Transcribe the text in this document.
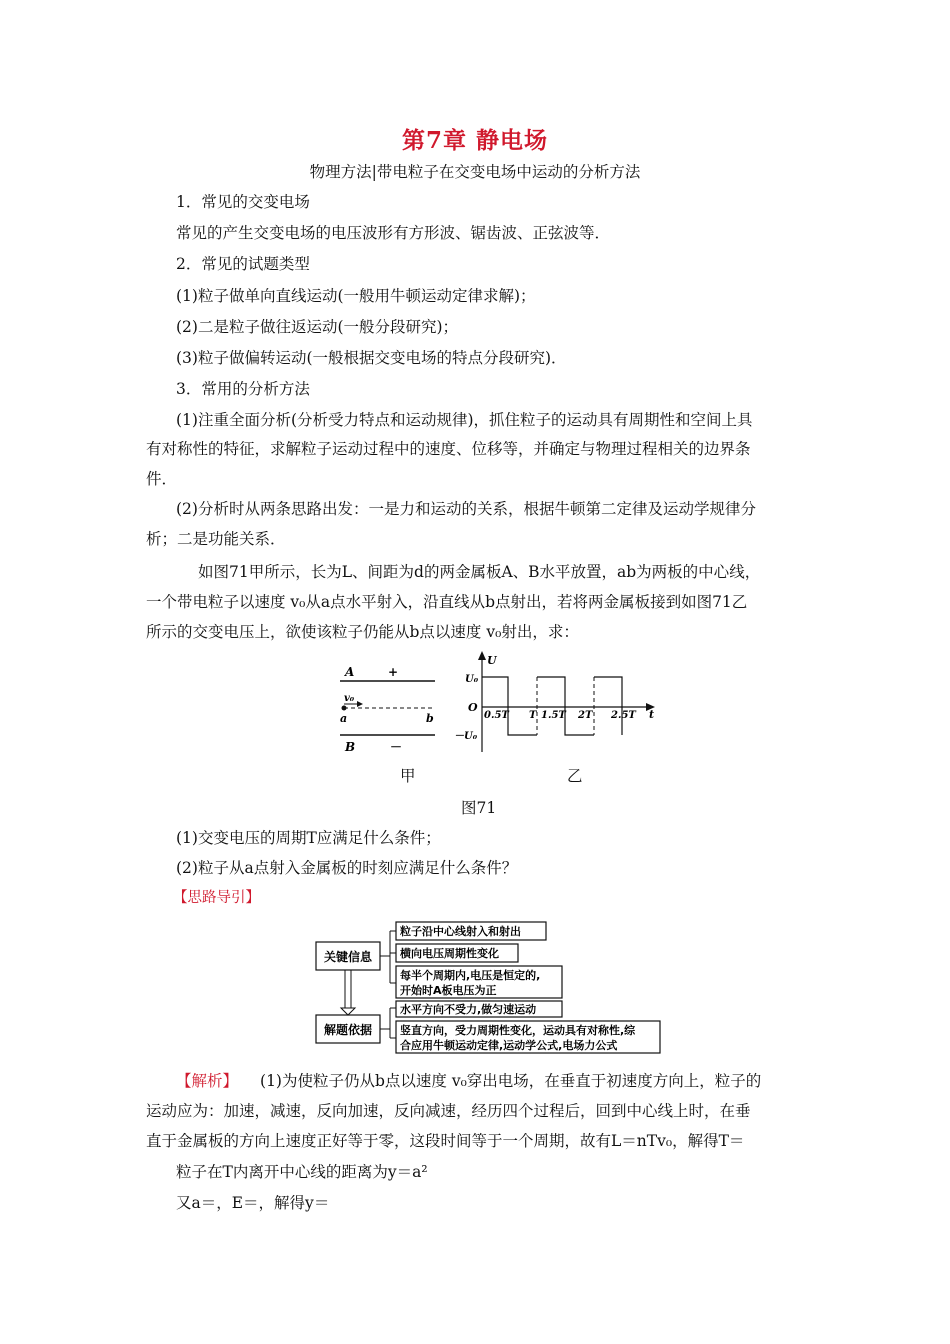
第7章 静电场
物理方法|带电粒子在交变电场中运动的分析方法
1．常见的交变电场
常见的产生交变电场的电压波形有方形波、锯齿波、正弦波等．
2．常见的试题类型
(1)粒子做单向直线运动(一般用牛顿运动定律求解)；
(2)二是粒子做往返运动(一般分段研究)；
(3)粒子做偏转运动(一般根据交变电场的特点分段研究)．
3．常用的分析方法
(1)注重全面分析(分析受力特点和运动规律)，抓住粒子的运动具有周期性和空间上具
有对称性的特征，求解粒子运动过程中的速度、位移等，并确定与物理过程相关的边界条
件．
(2)分析时从两条思路出发：一是力和运动的关系，根据牛顿第二定律及运动学规律分
析；二是功能关系．
如图71甲所示，长为L、间距为d的两金属板A、B水平放置，ab为两板的中心线，
一个带电粒子以速度 v₀从a点水平射入，沿直线从b点射出，若将两金属板接到如图71乙
所示的交变电压上，欲使该粒子仍能从b点以速度 v₀射出，求：
A	+
v₀
a	b
B	－
U
t
U₀
O
－U₀
0.5T T 1.5T 2T 2.5T
甲	乙
图71
(1)交变电压的周期T应满足什么条件；
(2)粒子从a点射入金属板的时刻应满足什么条件？
【思路导引】
关键信息
解题依据
粒子沿中心线射入和射出
横向电压周期性变化
每半个周期内,电压是恒定的,
开始时A板电压为正
水平方向不受力,做匀速运动
竖直方向，受力周期性变化，运动具有对称性,综
合应用牛顿运动定律,运动学公式,电场力公式
【解析】 (1)为使粒子仍从b点以速度 v₀穿出电场，在垂直于初速度方向上，粒子的
运动应为：加速，减速，反向加速，反向减速，经历四个过程后，回到中心线上时，在垂
直于金属板的方向上速度正好等于零，这段时间等于一个周期，故有L＝nTv₀，解得T＝
粒子在T内离开中心线的距离为y＝a²
又a＝，E＝，解得y＝
